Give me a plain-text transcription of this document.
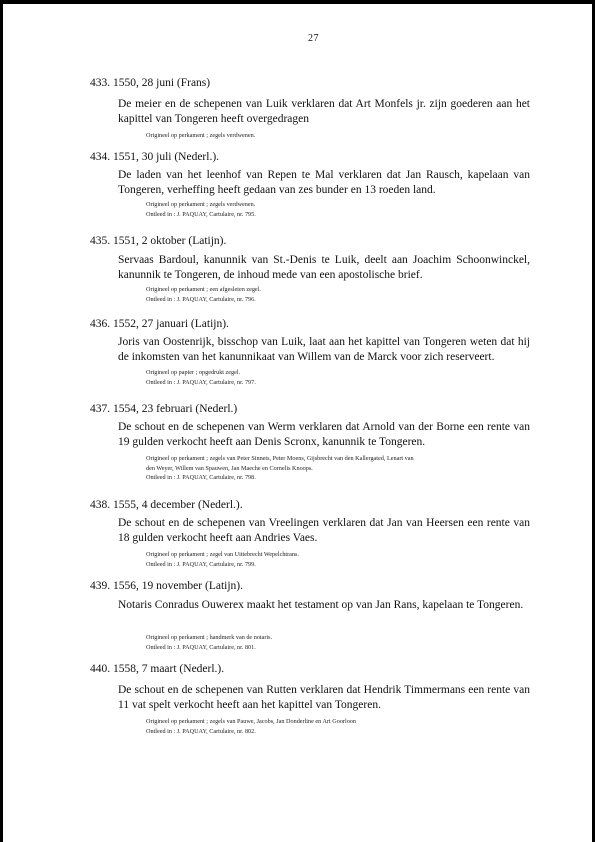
27
433. 1550, 28 juni (Frans)
De meier en de schepenen van Luik verklaren dat Art Monfels jr. zijn goederen aan het kapittel van Tongeren heeft overgedragen
Origineel op perkament ; zegels verdwenen.
434. 1551, 30 juli (Nederl.).
De laden van het leenhof van Repen te Mal verklaren dat Jan Rausch, kapelaan van Tongeren, verheffing heeft gedaan van zes bunder en 13 roeden land.
Origineel op perkament ; zegels verdwenen.
Ontleed in : J. PAQUAY, Cartulaire, nr. 795.
435. 1551, 2 oktober (Latijn).
Servaas Bardoul, kanunnik van St.-Denis te Luik, deelt aan Joachim Schoonwinckel, kanunnik te Tongeren, de inhoud mede van een apostolische brief.
Origineel op perkament ; een afgesleten zegel.
Ontleed in : J. PAQUAY, Cartulaire, nr. 796.
436. 1552, 27 januari (Latijn).
Joris van Oostenrijk, bisschop van Luik, laat aan het kapittel van Tongeren weten dat hij de inkomsten van het kanunnikaat van Willem van de Marck voor zich reserveert.
Origineel op papier ; opgedrukt zegel.
Ontleed in : J. PAQUAY, Cartulaire, nr. 797.
437. 1554, 23 februari (Nederl.)
De schout en de schepenen van Werm verklaren dat Arnold van der Borne een rente van 19 gulden verkocht heeft aan Denis Scronx, kanunnik te Tongeren.
Origineel op perkament ; zegels van Peter Sinnets, Peter Moens, Gijsbrecht van den Kallergated, Lenart van
den Weyer, Willem van Spauwen, Jan Maeche en Cornelis Knoops.
Ontleed in : J. PAQUAY, Cartulaire, nr. 798.
438. 1555, 4 december (Nederl.).
De schout en de schepenen van Vreelingen verklaren dat Jan van Heersen een rente van 18 gulden verkocht heeft aan Andries Vaes.
Origineel op perkament ; zegel van Uittebrecht Wepelchtrans.
Ontleed in : J. PAQUAY, Cartulaire, nr. 799.
439. 1556, 19 november (Latijn).
Notaris Conradus Ouwerex maakt het testament op van Jan Rans, kapelaan te Tongeren.
Origineel op perkament ; handmerk van de notaris.
Ontleed in : J. PAQUAY, Cartulaire, nr. 801.
440. 1558, 7 maart (Nederl.).
De schout en de schepenen van Rutten verklaren dat Hendrik Timmermans een rente van 11 vat spelt verkocht heeft aan het kapittel van Tongeren.
Origineel op perkament ; zegels van Pauwe, Jacobs, Jan Donderline en Art Goorloon
Ontleed in : J. PAQUAY, Cartulaire, nr. 802.
